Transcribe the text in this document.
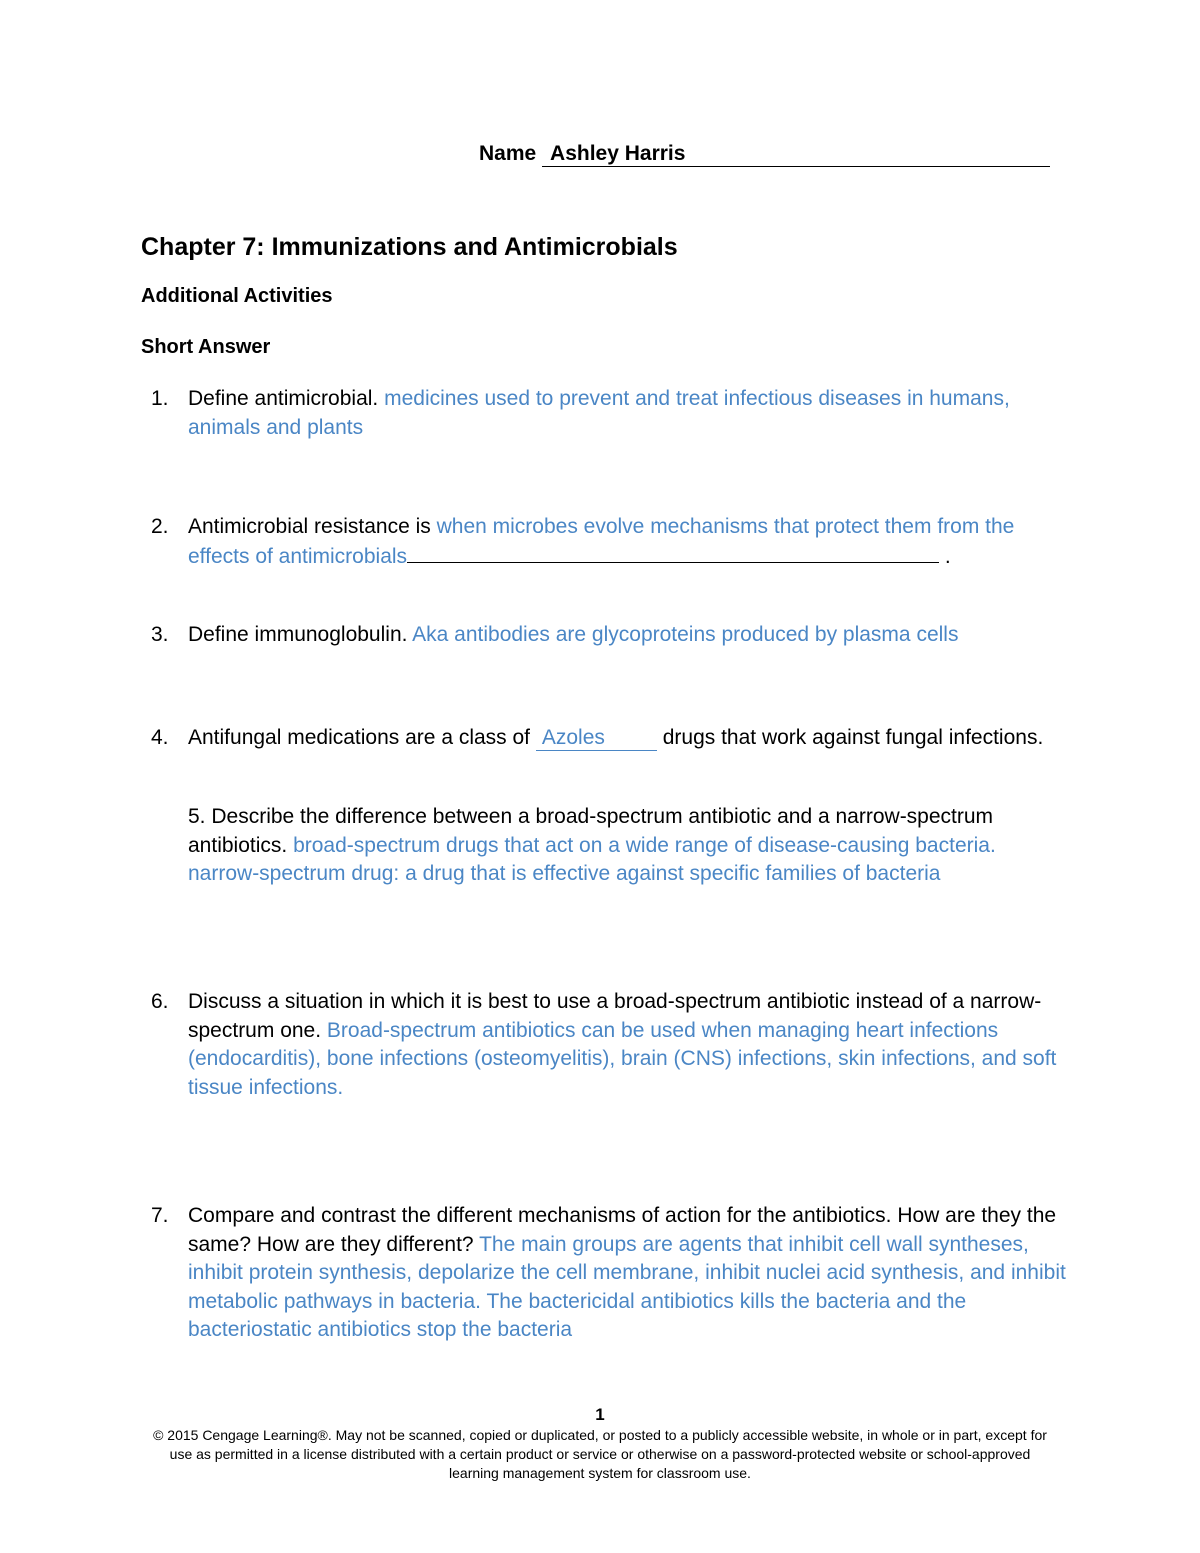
Name Ashley Harris
Chapter 7: Immunizations and Antimicrobials
Additional Activities
Short Answer
1. Define antimicrobial. medicines used to prevent and treat infectious diseases in humans, animals and plants
2. Antimicrobial resistance is when microbes evolve mechanisms that protect them from the effects of antimicrobials	.
3. Define immunoglobulin. Aka antibodies are glycoproteins produced by plasma cells
4. Antifungal medications are a class of Azoles drugs that work against fungal infections.
5. Describe the difference between a broad-spectrum antibiotic and a narrow-spectrum antibiotics. broad-spectrum drugs that act on a wide range of disease-causing bacteria. narrow-spectrum drug: a drug that is effective against specific families of bacteria
6. Discuss a situation in which it is best to use a broad-spectrum antibiotic instead of a narrow-spectrum one. Broad-spectrum antibiotics can be used when managing heart infections (endocarditis), bone infections (osteomyelitis), brain (CNS) infections, skin infections, and soft tissue infections.
7. Compare and contrast the different mechanisms of action for the antibiotics. How are they the same? How are they different? The main groups are agents that inhibit cell wall syntheses, inhibit protein synthesis, depolarize the cell membrane, inhibit nuclei acid synthesis, and inhibit metabolic pathways in bacteria. The bactericidal antibiotics kills the bacteria and the bacteriostatic antibiotics stop the bacteria
1
© 2015 Cengage Learning®. May not be scanned, copied or duplicated, or posted to a publicly accessible website, in whole or in part, except for use as permitted in a license distributed with a certain product or service or otherwise on a password-protected website or school-approved learning management system for classroom use.
